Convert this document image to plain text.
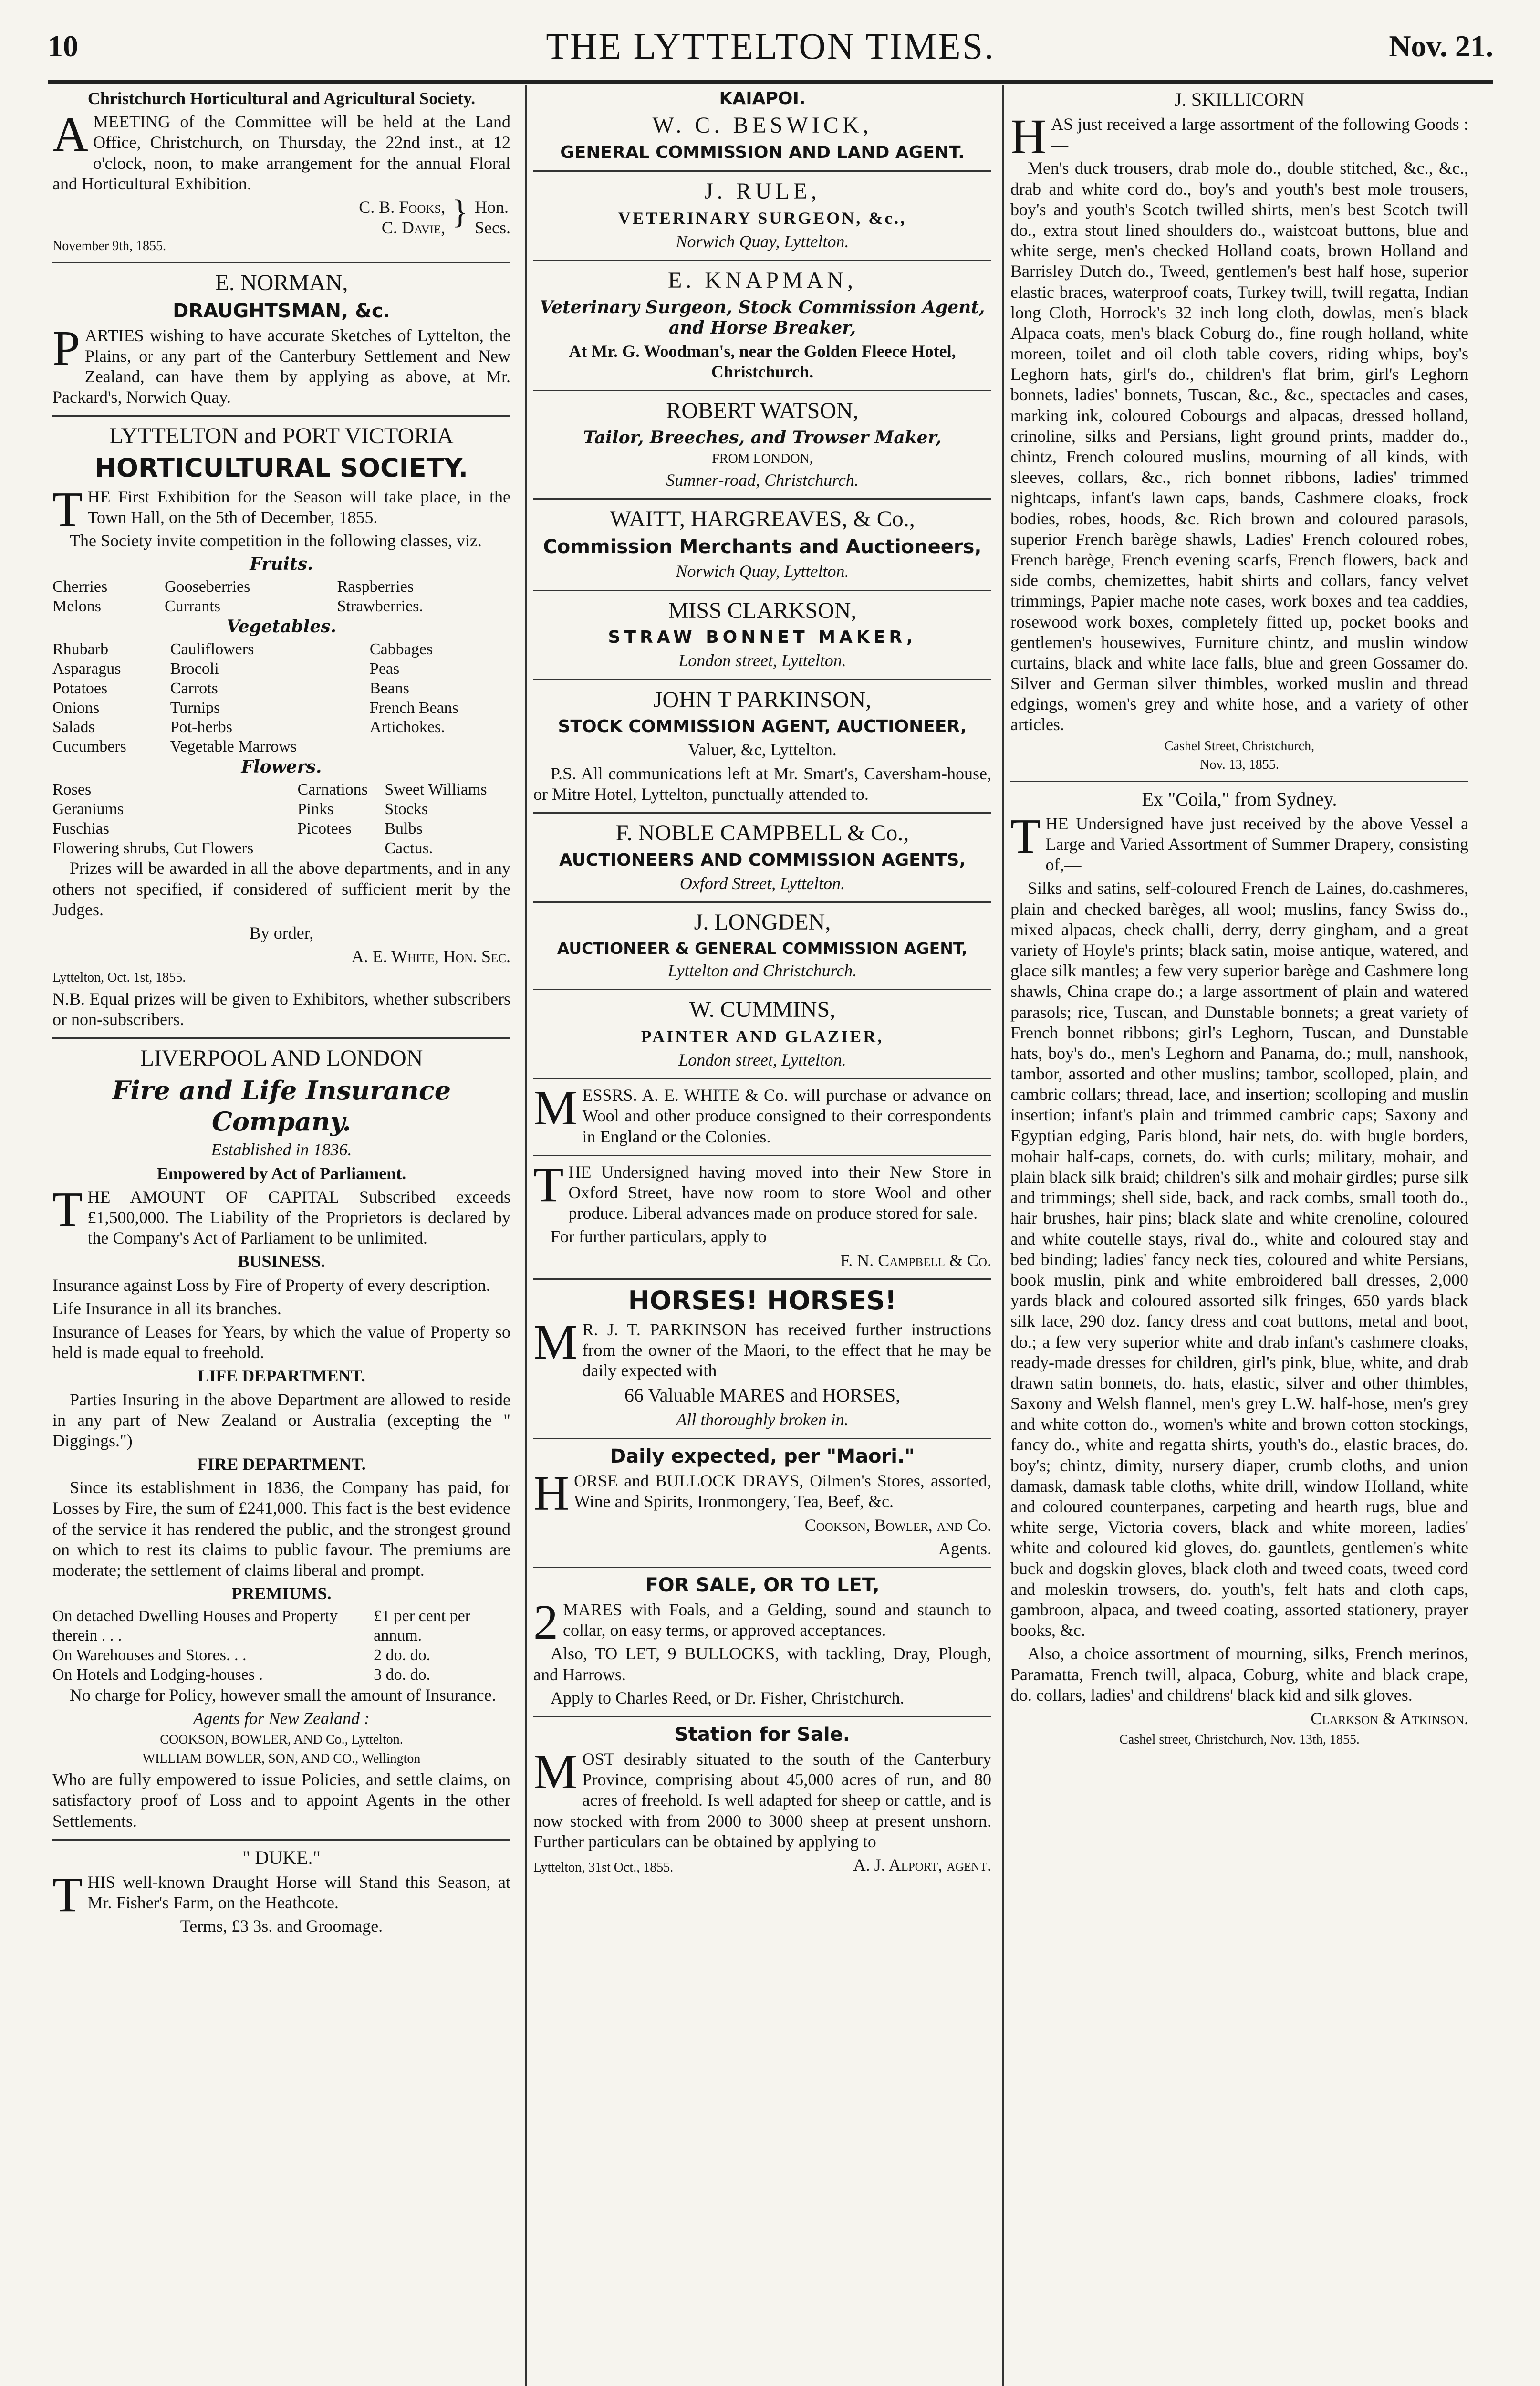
10	THE LYTTELTON TIMES.	Nov. 21.

Christchurch Horticultural and Agricultural Society.

AMEETING of the Committee will be held at the Land Office, Christchurch, on Thursday, the 22nd inst., at 12 o'clock, noon, to make arrangement for the annual Floral and Horticultural Exhibition.

C. B. Fooks,
C. Davie, } Hon.
Secs.

November 9th, 1855.

E. NORMAN,

DRAUGHTSMAN, &c.

PARTIES wishing to have accurate Sketches of Lyttelton, the Plains, or any part of the Canterbury Settlement and New Zealand, can have them by applying as above, at Mr. Packard's, Norwich Quay.

LYTTELTON and PORT VICTORIA

HORTICULTURAL SOCIETY.

THE First Exhibition for the Season will take place, in the Town Hall, on the 5th of December, 1855.

The Society invite competition in the following classes, viz.

Fruits.

Cherries	Gooseberries	Raspberries
Melons	Currants	Strawberries.

Vegetables.

Rhubarb	Cauliflowers	Cabbages
Asparagus	Brocoli	Peas
Potatoes	Carrots	Beans
Onions	Turnips	French Beans
Salads	Pot-herbs	Artichokes.
Cucumbers	Vegetable Marrows	

Flowers.

Roses	Carnations	Sweet Williams
Geraniums	Pinks	Stocks
Fuschias	Picotees	Bulbs
Flowering shrubs, Cut Flowers		Cactus.

Prizes will be awarded in all the above departments, and in any others not specified, if considered of sufficient merit by the Judges.

By order,

A. E. White, Hon. Sec.

Lyttelton, Oct. 1st, 1855.

N.B. Equal prizes will be given to Exhibitors, whether subscribers or non-subscribers.

LIVERPOOL AND LONDON

Fire and Life Insurance Company.

Established in 1836.

Empowered by Act of Parliament.

THE AMOUNT OF CAPITAL Subscribed exceeds £1,500,000. The Liability of the Proprietors is declared by the Company's Act of Parliament to be unlimited.

BUSINESS.

Insurance against Loss by Fire of Property of every description.

Life Insurance in all its branches.

Insurance of Leases for Years, by which the value of Property so held is made equal to freehold.

LIFE DEPARTMENT.

Parties Insuring in the above Department are allowed to reside in any part of New Zealand or Australia (excepting the " Diggings.")

FIRE DEPARTMENT.

Since its establishment in 1836, the Company has paid, for Losses by Fire, the sum of £241,000. This fact is the best evidence of the service it has rendered the public, and the strongest ground on which to rest its claims to public favour. The premiums are moderate; the settlement of claims liberal and prompt.

PREMIUMS.

On detached Dwelling Houses and Property therein . . .	£1 per cent per annum.
On Warehouses and Stores. . .	2 do. do.
On Hotels and Lodging-houses .	3 do. do.

No charge for Policy, however small the amount of Insurance.

Agents for New Zealand :

COOKSON, BOWLER, AND Co., Lyttelton.

WILLIAM BOWLER, SON, AND CO., Wellington

Who are fully empowered to issue Policies, and settle claims, on satisfactory proof of Loss and to appoint Agents in the other Settlements.

" DUKE."

THIS well-known Draught Horse will Stand this Season, at Mr. Fisher's Farm, on the Heathcote.

Terms, £3 3s. and Groomage.

KAIAPOI.

W. C. BESWICK,

GENERAL COMMISSION AND LAND AGENT.

J. RULE,

VETERINARY SURGEON, &c.,

Norwich Quay, Lyttelton.

E. KNAPMAN,

Veterinary Surgeon, Stock Commission Agent, and Horse Breaker,

At Mr. G. Woodman's, near the Golden Fleece Hotel, Christchurch.

ROBERT WATSON,

Tailor, Breeches, and Trowser Maker,

FROM LONDON,

Sumner-road, Christchurch.

WAITT, HARGREAVES, & Co.,

Commission Merchants and Auctioneers,

Norwich Quay, Lyttelton.

MISS CLARKSON,

STRAW BONNET MAKER,

London street, Lyttelton.

JOHN T PARKINSON,

STOCK COMMISSION AGENT, AUCTIONEER,

Valuer, &c, Lyttelton.

P.S. All communications left at Mr. Smart's, Caversham-house, or Mitre Hotel, Lyttelton, punctually attended to.

F. NOBLE CAMPBELL & Co.,

AUCTIONEERS AND COMMISSION AGENTS,

Oxford Street, Lyttelton.

J. LONGDEN,

AUCTIONEER & GENERAL COMMISSION AGENT,

Lyttelton and Christchurch.

W. CUMMINS,

PAINTER AND GLAZIER,

London street, Lyttelton.

MESSRS. A. E. WHITE & Co. will purchase or advance on Wool and other produce consigned to their correspondents in England or the Colonies.

THE Undersigned having moved into their New Store in Oxford Street, have now room to store Wool and other produce. Liberal advances made on produce stored for sale.

For further particulars, apply to

F. N. Campbell & Co.

HORSES! HORSES!

M R. J. T. PARKINSON has received further instructions from the owner of the Maori, to the effect that he may be daily expected with

66 Valuable MARES and HORSES,

All thoroughly broken in.

Daily expected, per "Maori."

HORSE and BULLOCK DRAYS, Oilmen's Stores, assorted, Wine and Spirits, Ironmongery, Tea, Beef, &c.

Cookson, Bowler, and Co.

Agents.

FOR SALE, OR TO LET,

2 MARES with Foals, and a Gelding, sound and staunch to collar, on easy terms, or approved acceptances.

Also, TO LET, 9 BULLOCKS, with tackling, Dray, Plough, and Harrows.

Apply to Charles Reed, or Dr. Fisher, Christchurch.

Station for Sale.

MOST desirably situated to the south of the Canterbury Province, comprising about 45,000 acres of run, and 80 acres of freehold. Is well adapted for sheep or cattle, and is now stocked with from 2000 to 3000 sheep at present unshorn. Further particulars can be obtained by applying to

Lyttelton, 31st Oct., 1855.	A. J. Alport, agent.

J. SKILLICORN

HAS just received a large assortment of the following Goods :—

Men's duck trousers, drab mole do., double stitched, &c., &c., drab and white cord do., boy's and youth's best mole trousers, boy's and youth's Scotch twilled shirts, men's best Scotch twill do., extra stout lined shoulders do., waistcoat buttons, blue and white serge, men's checked Holland coats, brown Holland and Barrisley Dutch do., Tweed, gentlemen's best half hose, superior elastic braces, waterproof coats, Turkey twill, twill regatta, Indian long Cloth, Horrock's 32 inch long cloth, dowlas, men's black Alpaca coats, men's black Coburg do., fine rough holland, white moreen, toilet and oil cloth table covers, riding whips, boy's Leghorn hats, girl's do., children's flat brim, girl's Leghorn bonnets, ladies' bonnets, Tuscan, &c., &c., spectacles and cases, marking ink, coloured Cobourgs and alpacas, dressed holland, crinoline, silks and Persians, light ground prints, madder do., chintz, French coloured muslins, mourning of all kinds, with sleeves, collars, &c., rich bonnet ribbons, ladies' trimmed nightcaps, infant's lawn caps, bands, Cashmere cloaks, frock bodies, robes, hoods, &c. Rich brown and coloured parasols, superior French barège shawls, Ladies' French coloured robes, French barège, French evening scarfs, French flowers, back and side combs, chemizettes, habit shirts and collars, fancy velvet trimmings, Papier mache note cases, work boxes and tea caddies, rosewood work boxes, completely fitted up, pocket books and gentlemen's housewives, Furniture chintz, and muslin window curtains, black and white lace falls, blue and green Gossamer do. Silver and German silver thimbles, worked muslin and thread edgings, women's grey and white hose, and a variety of other articles.

Cashel Street, Christchurch,

Nov. 13, 1855.

Ex "Coila," from Sydney.

THE Undersigned have just received by the above Vessel a Large and Varied Assortment of Summer Drapery, consisting of,—

Silks and satins, self-coloured French de Laines, do.cashmeres, plain and checked barèges, all wool; muslins, fancy Swiss do., mixed alpacas, check challi, derry, derry gingham, and a great variety of Hoyle's prints; black satin, moise antique, watered, and glace silk mantles; a few very superior barège and Cashmere long shawls, China crape do.; a large assortment of plain and watered parasols; rice, Tuscan, and Dunstable bonnets; a great variety of French bonnet ribbons; girl's Leghorn, Tuscan, and Dunstable hats, boy's do., men's Leghorn and Panama, do.; mull, nanshook, tambor, assorted and other muslins; tambor, scolloped, plain, and cambric collars; thread, lace, and insertion; scolloping and muslin insertion; infant's plain and trimmed cambric caps; Saxony and Egyptian edging, Paris blond, hair nets, do. with bugle borders, mohair half-caps, cornets, do. with curls; military, mohair, and plain black silk braid; children's silk and mohair girdles; purse silk and trimmings; shell side, back, and rack combs, small tooth do., hair brushes, hair pins; black slate and white crenoline, coloured and white coutelle stays, rival do., white and coloured stay and bed binding; ladies' fancy neck ties, coloured and white Persians, book muslin, pink and white embroidered ball dresses, 2,000 yards black and coloured assorted silk fringes, 650 yards black silk lace, 290 doz. fancy dress and coat buttons, metal and boot, do.; a few very superior white and drab infant's cashmere cloaks, ready-made dresses for children, girl's pink, blue, white, and drab drawn satin bonnets, do. hats, elastic, silver and other thimbles, Saxony and Welsh flannel, men's grey L.W. half-hose, men's grey and white cotton do., women's white and brown cotton stockings, fancy do., white and regatta shirts, youth's do., elastic braces, do. boy's; chintz, dimity, nursery diaper, crumb cloths, and union damask, damask table cloths, white drill, window Holland, white and coloured counterpanes, carpeting and hearth rugs, blue and white serge, Victoria covers, black and white moreen, ladies' white and coloured kid gloves, do. gauntlets, gentlemen's white buck and dogskin gloves, black cloth and tweed coats, tweed cord and moleskin trowsers, do. youth's, felt hats and cloth caps, gambroon, alpaca, and tweed coating, assorted stationery, prayer books, &c.

Also, a choice assortment of mourning, silks, French merinos, Paramatta, French twill, alpaca, Coburg, white and black crape, do. collars, ladies' and childrens' black kid and silk gloves.

Clarkson & Atkinson.

Cashel street, Christchurch, Nov. 13th, 1855.
